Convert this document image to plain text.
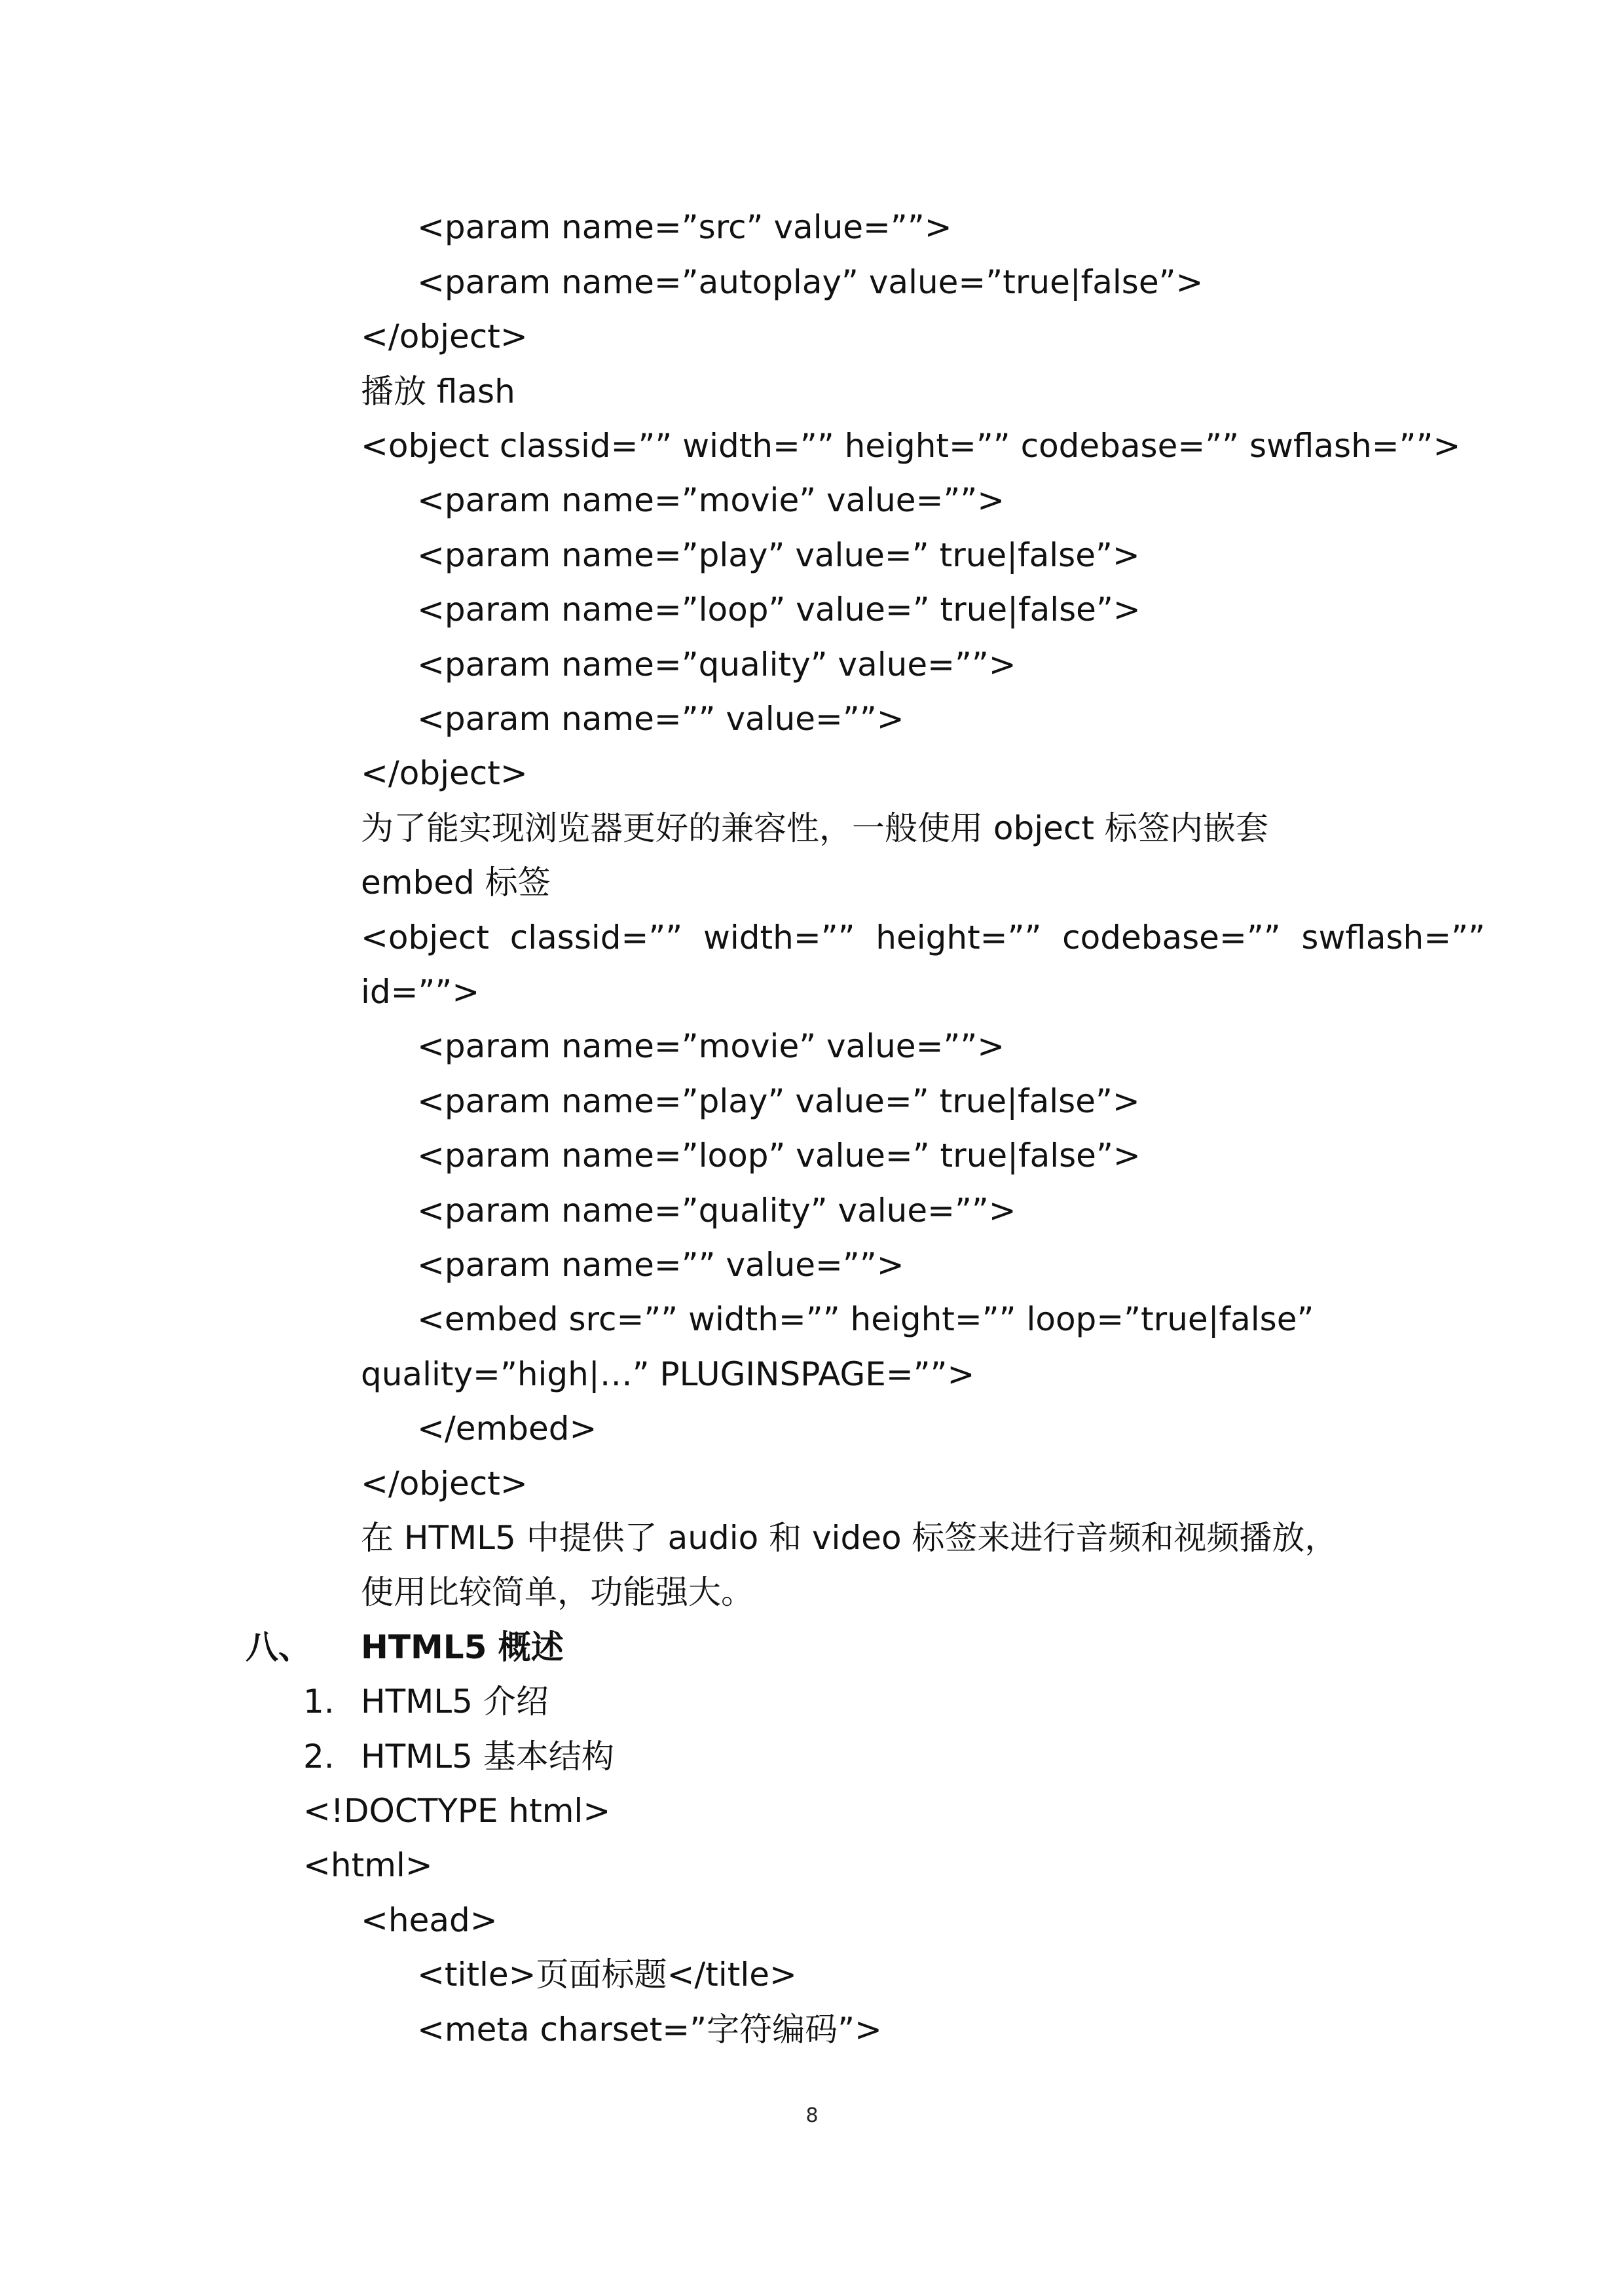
<param name=”src” value=””>
<param name=”autoplay” value=”true|false”>
</object>
播放 flash
<object classid=”” width=”” height=”” codebase=”” swflash=””>
<param name=”movie” value=””>
<param name=”play” value=” true|false”>
<param name=”loop” value=” true|false”>
<param name=”quality” value=””>
<param name=”” value=””>
</object>
为了能实现浏览器更好的兼容性，一般使用 object 标签内嵌套
embed 标签
<object  classid=””  width=””  height=””  codebase=””  swflash=””
id=””>
<param name=”movie” value=””>
<param name=”play” value=” true|false”>
<param name=”loop” value=” true|false”>
<param name=”quality” value=””>
<param name=”” value=””>
<embed src=”” width=”” height=”” loop=”true|false”
quality=”high|…” PLUGINSPAGE=””>
</embed>
</object>
在 HTML5 中提供了 audio 和 video 标签来进行音频和视频播放，
使用比较简单，功能强大。
八、 HTML5 概述
1. HTML5 介绍
2. HTML5 基本结构
<!DOCTYPE html>
<html>
<head>
<title>页面标题</title>
<meta charset=”字符编码”>
8
